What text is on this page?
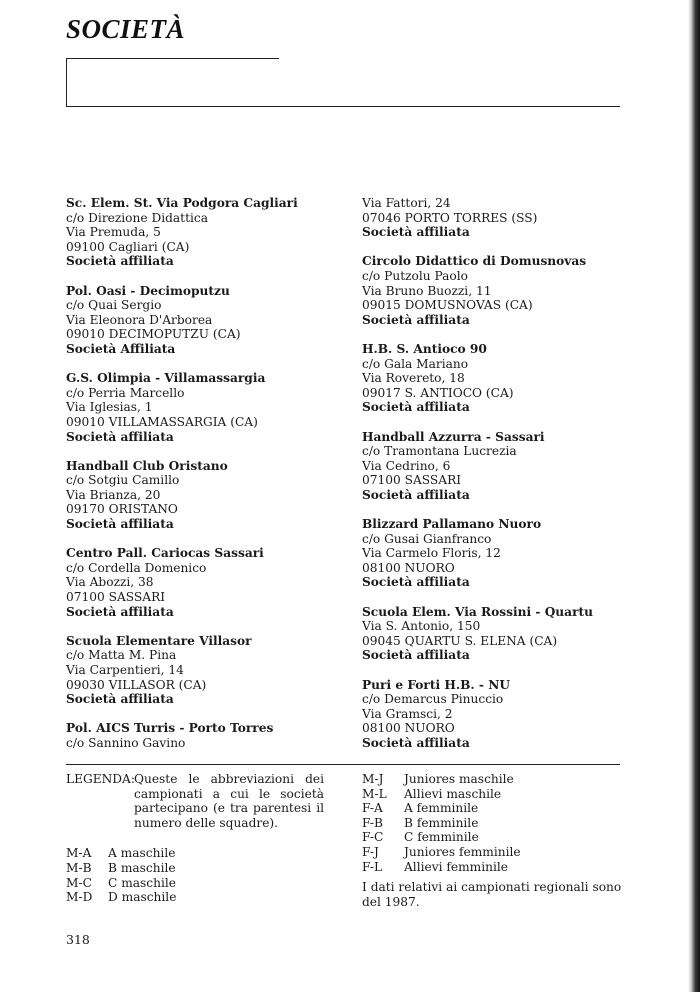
SOCIETÀ
Sc. Elem. St. Via Podgora Cagliari
c/o Direzione Didattica
Via Premuda, 5
09100 Cagliari (CA)
Società affiliata
Pol. Oasi - Decimoputzu
c/o Quai Sergio
Via Eleonora D'Arborea
09010 DECIMOPUTZU (CA)
Società Affiliata
G.S. Olimpia - Villamassargia
c/o Perria Marcello
Via Iglesias, 1
09010 VILLAMASSARGIA (CA)
Società affiliata
Handball Club Oristano
c/o Sotgiu Camillo
Via Brianza, 20
09170 ORISTANO
Società affiliata
Centro Pall. Cariocas Sassari
c/o Cordella Domenico
Via Abozzi, 38
07100 SASSARI
Società affiliata
Scuola Elementare Villasor
c/o Matta M. Pina
Via Carpentieri, 14
09030 VILLASOR (CA)
Società affiliata
Pol. AICS Turris - Porto Torres
c/o Sannino Gavino
Via Fattori, 24
07046 PORTO TORRES (SS)
Società affiliata
Circolo Didattico di Domusnovas
c/o Putzolu Paolo
Via Bruno Buozzi, 11
09015 DOMUSNOVAS (CA)
Società affiliata
H.B. S. Antioco 90
c/o Gala Mariano
Via Rovereto, 18
09017 S. ANTIOCO (CA)
Società affiliata
Handball Azzurra - Sassari
c/o Tramontana Lucrezia
Via Cedrino, 6
07100 SASSARI
Società affiliata
Blizzard Pallamano Nuoro
c/o Gusai Gianfranco
Via Carmelo Floris, 12
08100 NUORO
Società affiliata
Scuola Elem. Via Rossini - Quartu
Via S. Antonio, 150
09045 QUARTU S. ELENA (CA)
Società affiliata
Puri e Forti H.B. - NU
c/o Demarcus Pinuccio
Via Gramsci, 2
08100 NUORO
Società affiliata
LEGENDA: Queste le abbreviazioni dei campionati a cui le società partecipano (e tra parentesi il numero delle squadre).
M-A	A maschile
M-B	B maschile
M-C	C maschile
M-D	D maschile
M-J	Juniores maschile
M-L	Allievi maschile
F-A	A femminile
F-B	B femminile
F-C	C femminile
F-J	Juniores femminile
F-L	Allievi femminile
I dati relativi ai campionati regionali sono del 1987.
318
